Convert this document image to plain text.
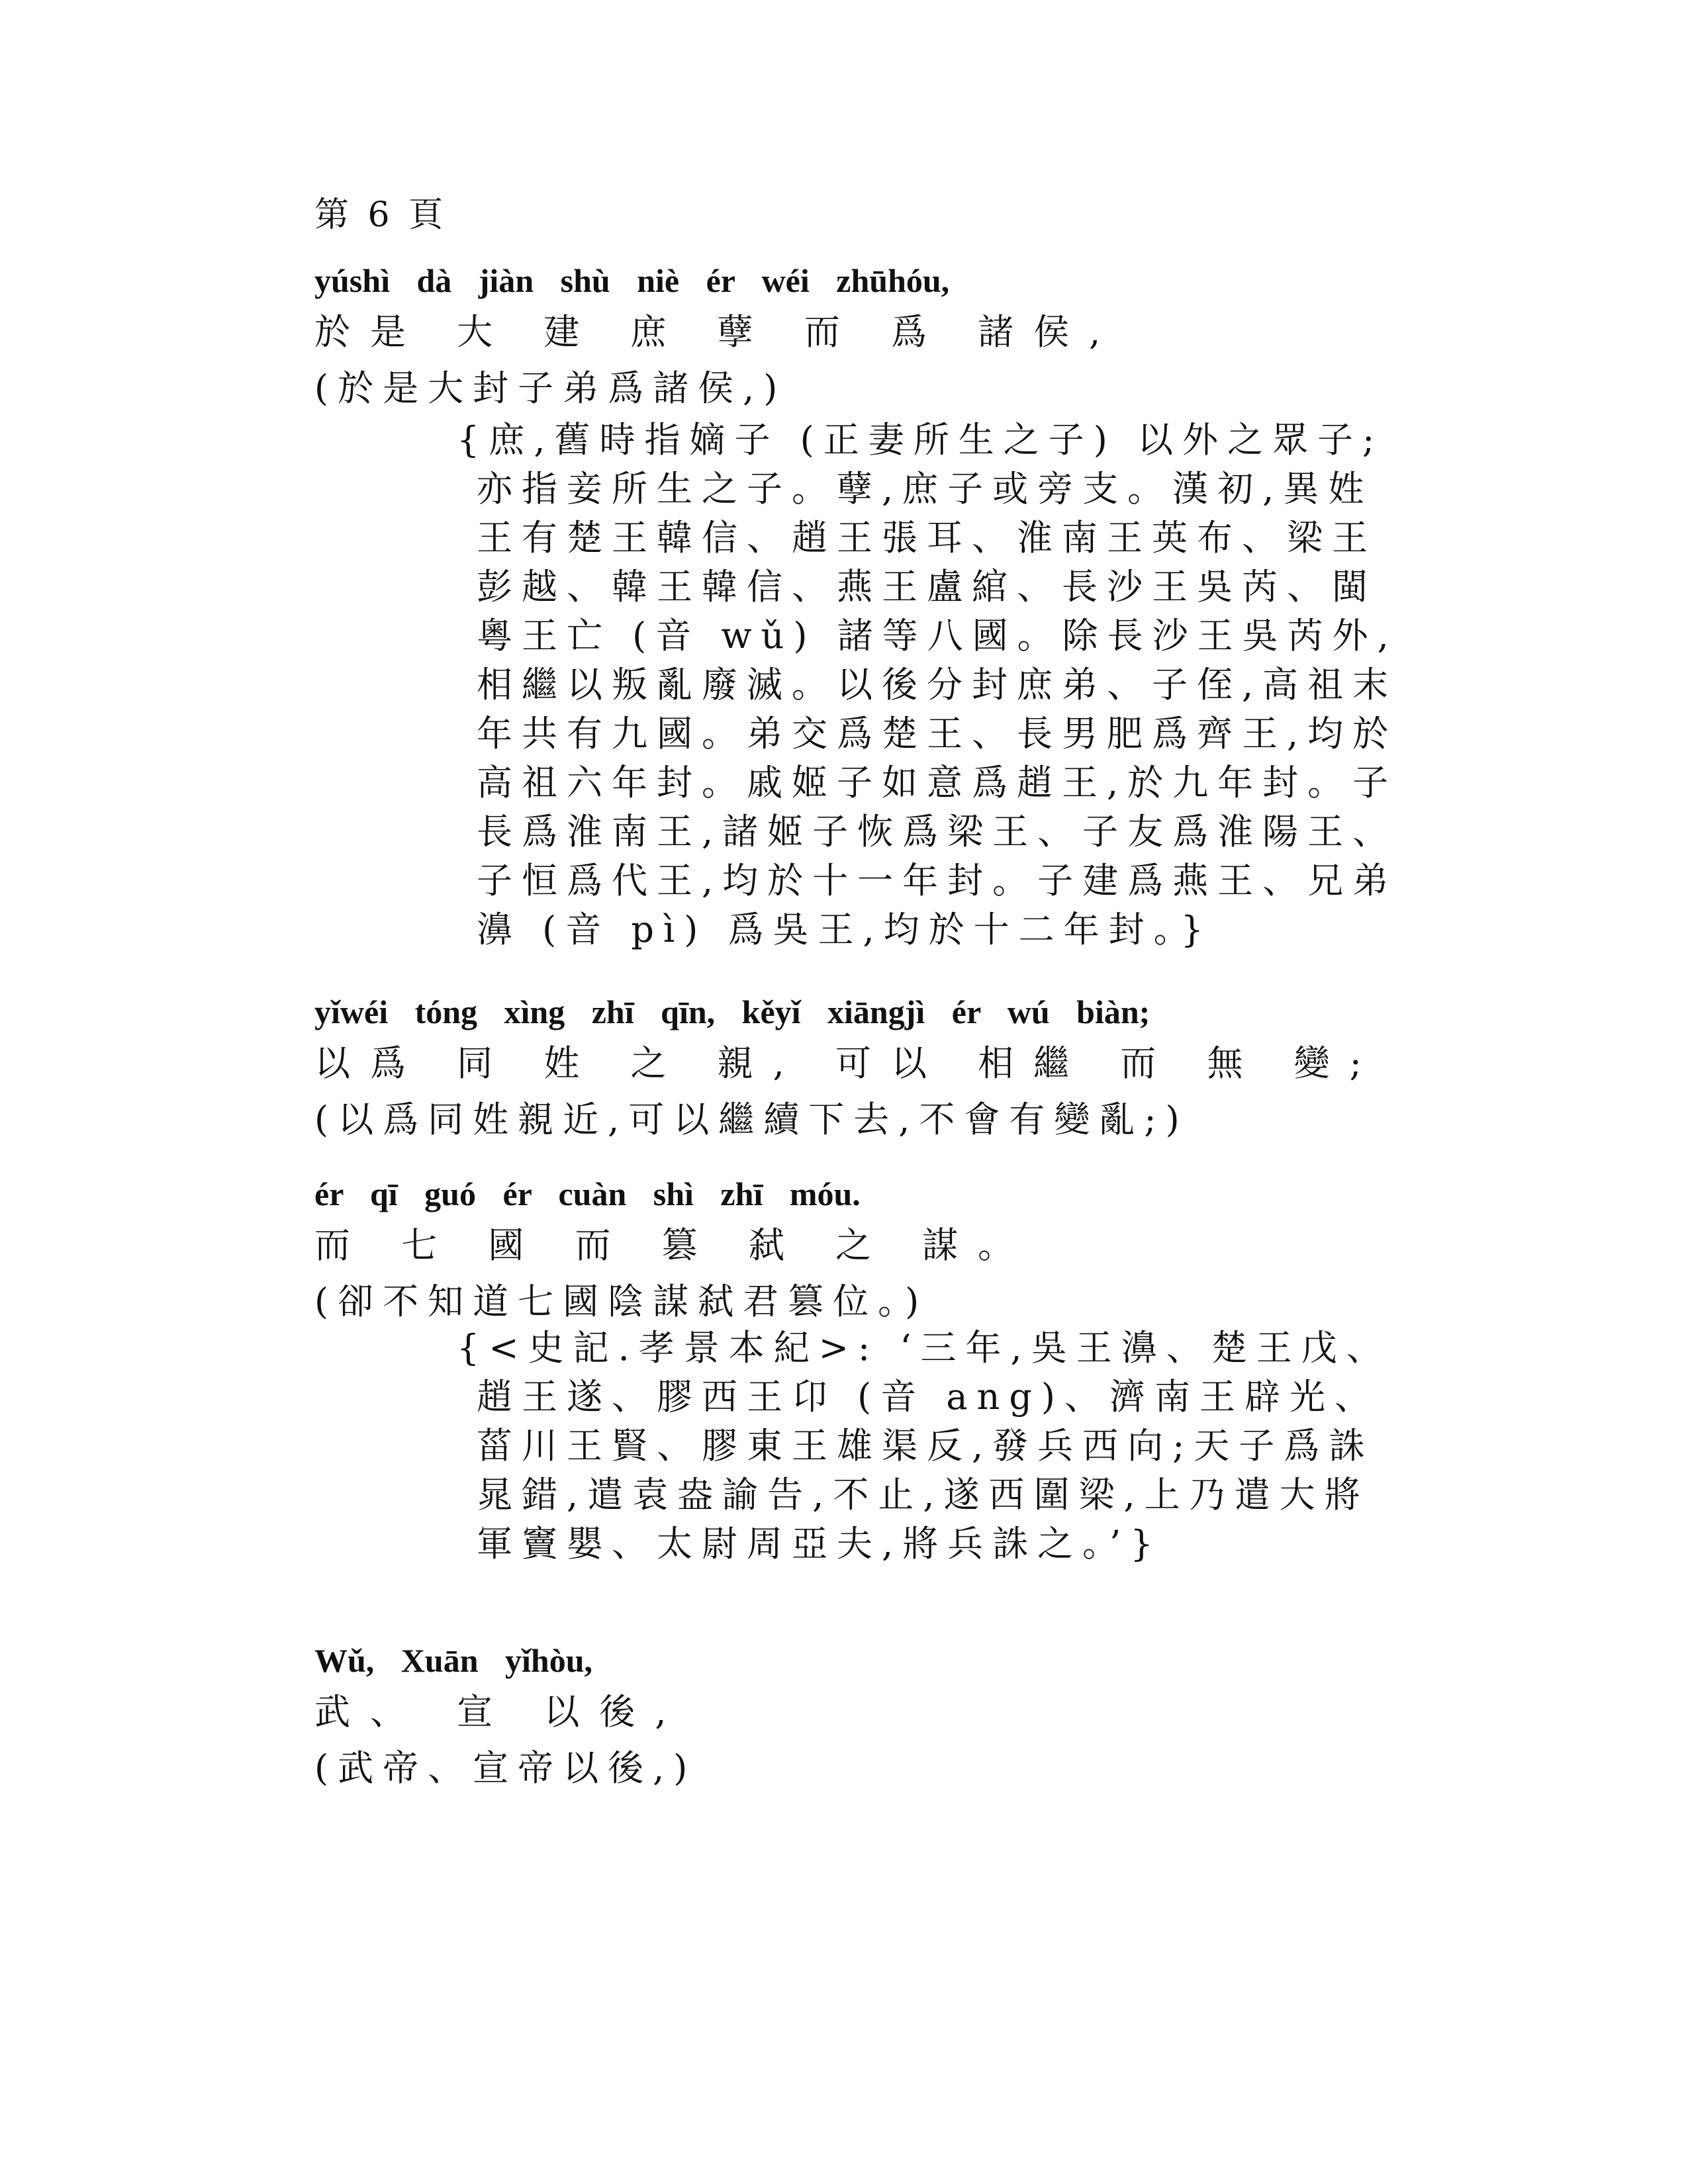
第 6 頁
yúshì dà jiàn shù niè ér wéi zhūhóu,
於是 大 建 庶 孽 而 爲 諸侯,
(於是大封子弟爲諸侯,)

{庶,舊時指嫡子 (正妻所生之子) 以外之眾子;亦指妾所生之子。孽,庶子或旁支。漢初,異姓王有楚王韓信、趙王張耳、淮南王英布、梁王彭越、韓王韓信、燕王盧綰、長沙王吳芮、閩粵王亡 (音 wǔ) 諸等八國。除長沙王吳芮外,相繼以叛亂廢滅。以後分封庶弟、子侄,高祖末年共有九國。弟交爲楚王、長男肥爲齊王,均於高祖六年封。戚姬子如意爲趙王,於九年封。子長爲淮南王,諸姬子恢爲梁王、子友爲淮陽王、子恒爲代王,均於十一年封。子建爲燕王、兄弟濞 (音 pì) 爲吳王,均於十二年封。}

yǐwéi tóng xìng zhī qīn, kěyǐ xiāngjì ér wú biàn;
以爲 同 姓 之 親, 可以 相繼 而 無 變;
(以爲同姓親近,可以繼續下去,不會有變亂;)
ér qī guó ér cuàn shì zhī móu.
而 七 國 而 篡 弑 之 謀。
(卻不知道七國陰謀弑君篡位。)

{<史記.孝景本紀>: ‘三年,吳王濞、楚王戊、趙王遂、膠西王卬 (音 ang)、濟南王辟光、菑川王賢、膠東王雄渠反,發兵西向;天子爲誅晁錯,遣袁盎諭告,不止,遂西圍梁,上乃遣大將軍竇嬰、太尉周亞夫,將兵誅之。’}

Wǔ, Xuān yǐhòu,
武、 宣 以後,
(武帝、宣帝以後,)
